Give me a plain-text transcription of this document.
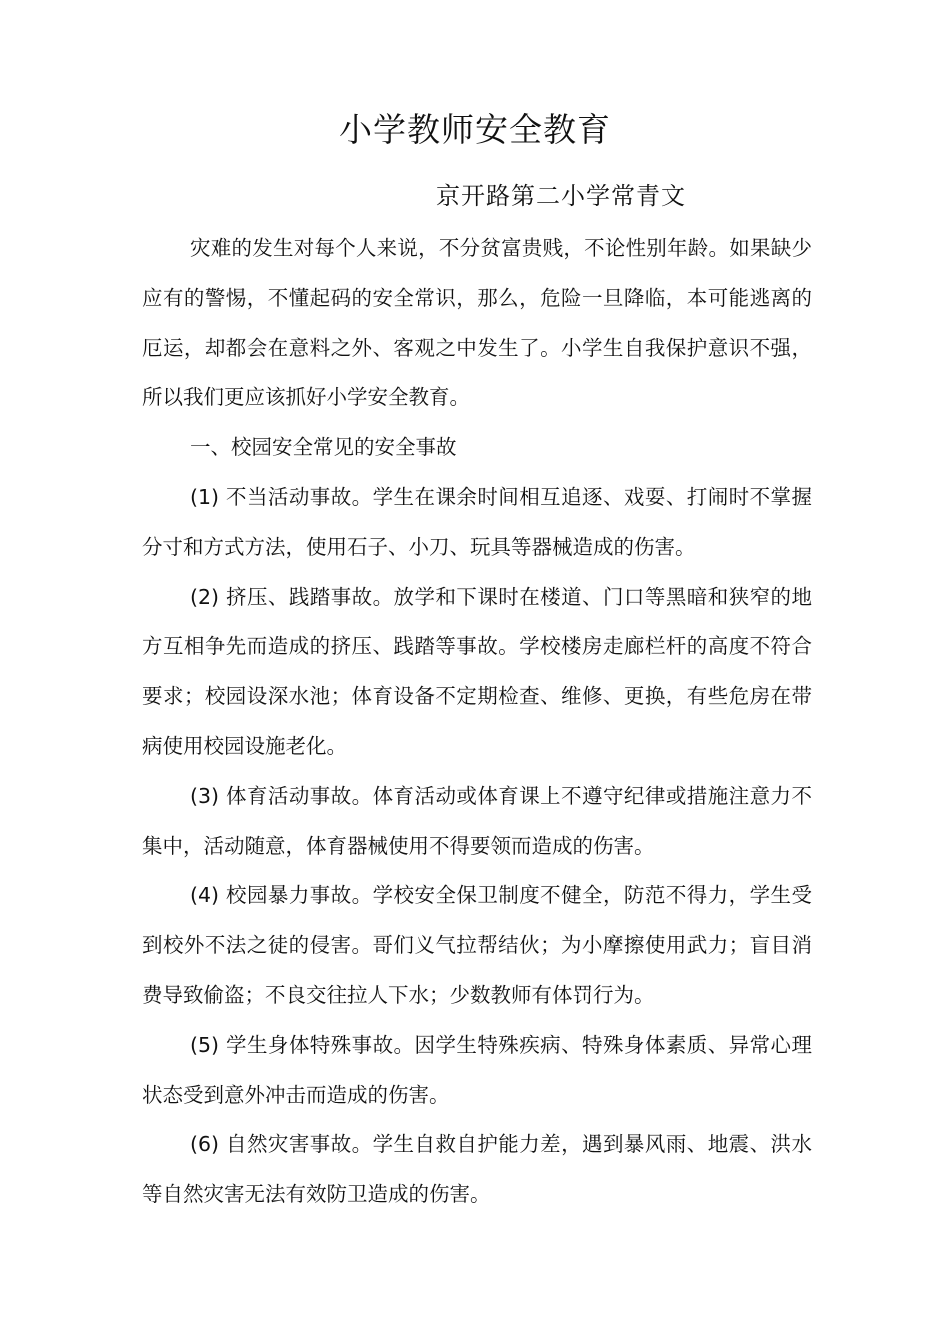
小学教师安全教育
京开路第二小学常青文

灾难的发生对每个人来说，不分贫富贵贱，不论性别年龄。如果缺少应有的警惕，不懂起码的安全常识，那么，危险一旦降临，本可能逃离的厄运，却都会在意料之外、客观之中发生了。小学生自我保护意识不强，所以我们更应该抓好小学安全教育。

一、校园安全常见的安全事故

(1) 不当活动事故。学生在课余时间相互追逐、戏耍、打闹时不掌握分寸和方式方法，使用石子、小刀、玩具等器械造成的伤害。

(2) 挤压、践踏事故。放学和下课时在楼道、门口等黑暗和狭窄的地方互相争先而造成的挤压、践踏等事故。学校楼房走廊栏杆的高度不符合要求；校园设深水池；体育设备不定期检查、维修、更换，有些危房在带病使用校园设施老化。

(3) 体育活动事故。体育活动或体育课上不遵守纪律或措施注意力不集中，活动随意，体育器械使用不得要领而造成的伤害。

(4) 校园暴力事故。学校安全保卫制度不健全，防范不得力，学生受到校外不法之徒的侵害。哥们义气拉帮结伙；为小摩擦使用武力；盲目消费导致偷盗；不良交往拉人下水；少数教师有体罚行为。

(5) 学生身体特殊事故。因学生特殊疾病、特殊身体素质、异常心理状态受到意外冲击而造成的伤害。

(6) 自然灾害事故。学生自救自护能力差，遇到暴风雨、地震、洪水等自然灾害无法有效防卫造成的伤害。
